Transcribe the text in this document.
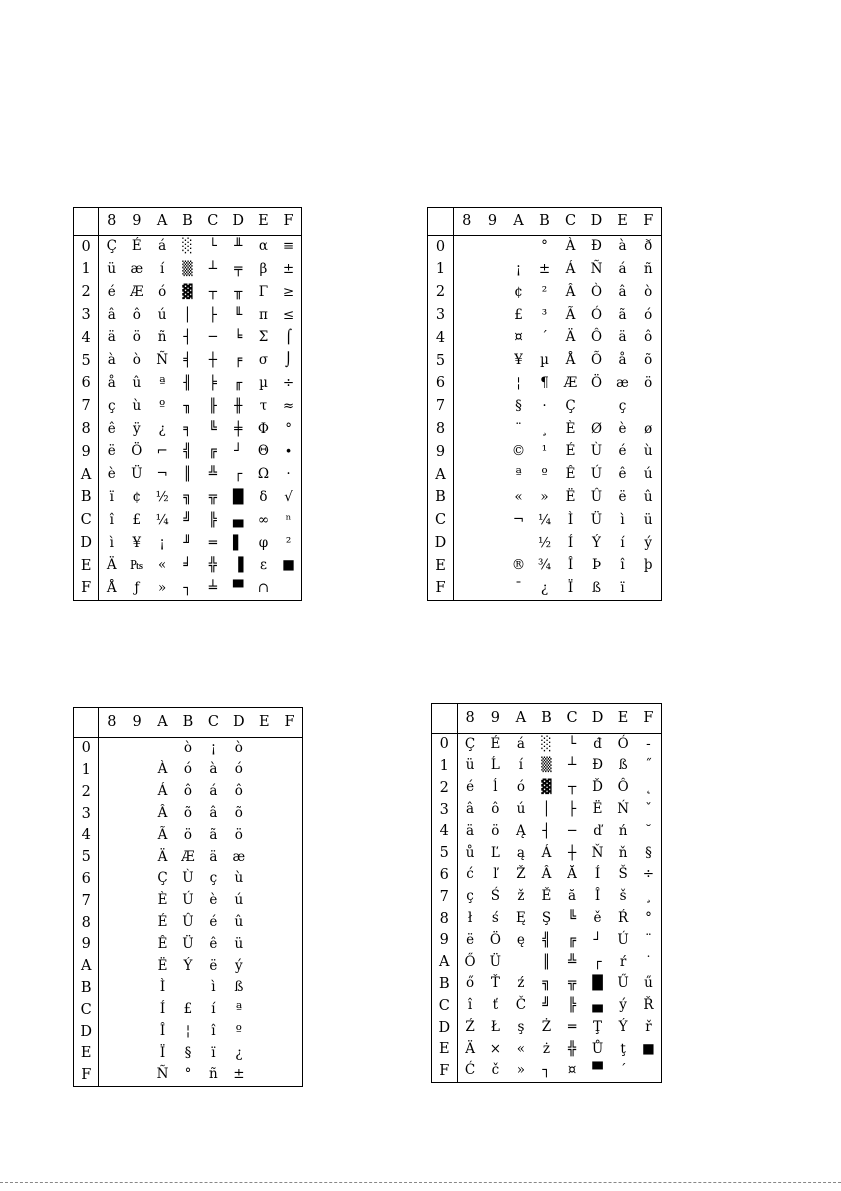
	8	9	A	B	C	D	E	F
0	Ç	É	á	░	└	╨	α	≡
1	ü	æ	í	▒	┴	╤	β	±
2	é	Æ	ó	▓	┬	╥	Γ	≥
3	â	ô	ú	│	├	╙	π	≤
4	ä	ö	ñ	┤	─	╘	Σ	⌠
5	à	ò	Ñ	╡	┼	╒	σ	⌡
6	å	û	ª	╢	╞	╓	µ	÷
7	ç	ù	º	╖	╟	╫	τ	≈
8	ê	ÿ	¿	╕	╚	╪	Φ	°
9	ë	Ö	⌐	╣	╔	┘	Θ	∙
A	è	Ü	¬	║	╩	┌	Ω	·
B	ï	¢	½	╗	╦	█	δ	√
C	î	£	¼	╝	╠	▄	∞	ⁿ
D	ì	¥	¡	╜	═	▌	φ	²
E	Ä	₧	«	╛	╬	▐	ε	■
F	Å	ƒ	»	┐	╧	▀	∩	
	8	9	A	B	C	D	E	F
0				°	À	Ð	à	ð
1			¡	±	Á	Ñ	á	ñ
2			¢	²	Â	Ò	â	ò
3			£	³	Ã	Ó	ã	ó
4			¤	´	Ä	Ô	ä	ô
5			¥	µ	Å	Õ	å	õ
6			¦	¶	Æ	Ö	æ	ö
7			§	·	Ç		ç	
8			¨	¸	È	Ø	è	ø
9			©	¹	É	Ù	é	ù
A			ª	º	Ê	Ú	ê	ú
B			«	»	Ë	Û	ë	û
C			¬	¼	Ì	Ü	ì	ü
D				½	Í	Ý	í	ý
E			®	¾	Î	Þ	î	þ
F			¯	¿	Ï	ß	ï	
	8	9	A	B	C	D	E	F
0				ò	¡	ò		
1			À	ó	à	ó		
2			Á	ô	á	ô		
3			Â	õ	â	õ		
4			Ã	ö	ã	ö		
5			Ä	Æ	ä	æ		
6			Ç	Ù	ç	ù		
7			È	Ú	è	ú		
8			É	Û	é	û		
9			Ê	Ü	ê	ü		
A			Ë	Ý	ë	ý		
B			Ì		ì	ß		
C			Í	£	í	ª		
D			Î	¦	î	º		
E			Ï	§	ï	¿		
F			Ñ	°	ñ	±		
	8	9	A	B	C	D	E	F
0	Ç	É	á	░	└	đ	Ó	-
1	ü	Ĺ	í	▒	┴	Đ	ß	˝
2	é	ĺ	ó	▓	┬	Ď	Ô	˛
3	â	ô	ú	│	├	Ë	Ń	ˇ
4	ä	ö	Ą	┤	─	ď	ń	˘
5	ů	Ľ	ą	Á	┼	Ň	ň	§
6	ć	ľ	Ž	Â	Ă	Í	Š	÷
7	ç	Ś	ž	Ě	ă	Î	š	¸
8	ł	ś	Ę	Ş	╚	ě	Ŕ	°
9	ë	Ö	ę	╣	╔	┘	Ú	¨
A	Ő	Ü		║	╩	┌	ŕ	˙
B	ő	Ť	ź	╗	╦	█	Ű	ű
C	î	ť	Č	╝	╠	▄	ý	Ř
D	Ź	Ł	ş	Ż	═	Ţ	Ý	ř
E	Ä	×	«	ż	╬	Ů	ţ	■
F	Ć	č	»	┐	¤	▀	´	
